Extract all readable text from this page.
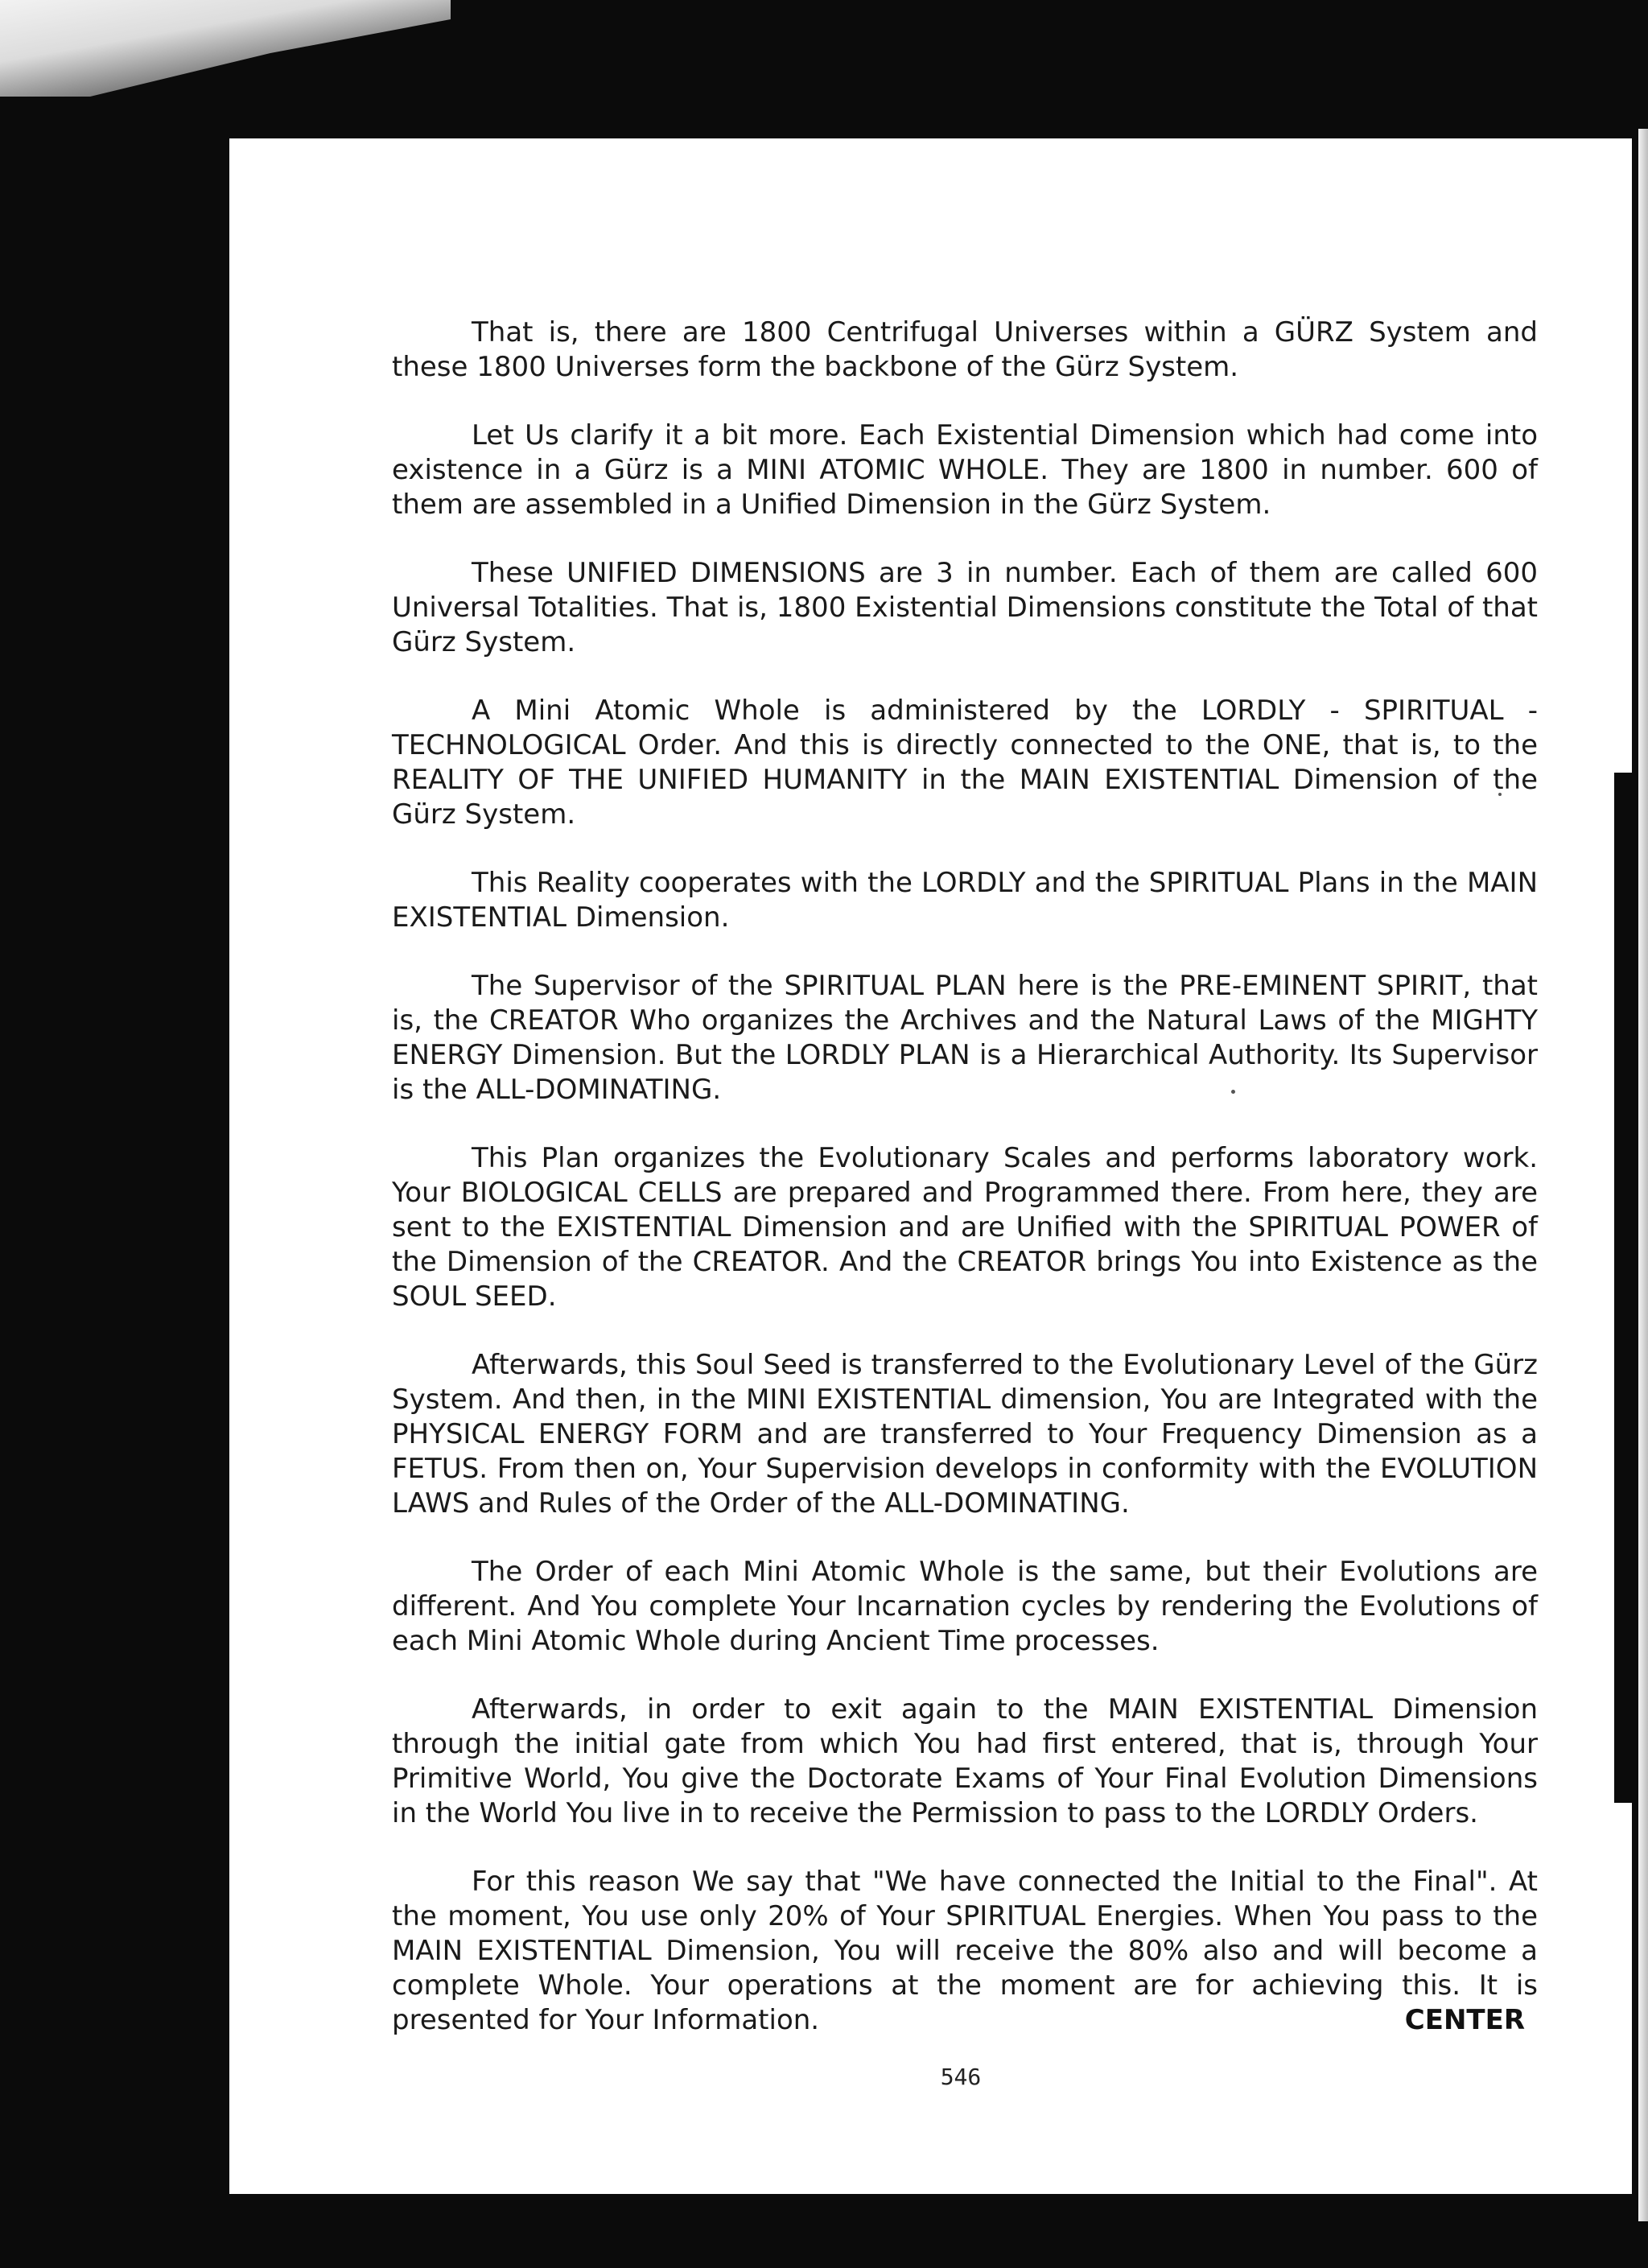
That is, there are 1800 Centrifugal Universes within a GÜRZ System and these 1800 Universes form the backbone of the Gürz System.

Let Us clarify it a bit more. Each Existential Dimension which had come into existence in a Gürz is a MINI ATOMIC WHOLE. They are 1800 in number. 600 of them are assembled in a Unified Dimension in the Gürz System.

These UNIFIED DIMENSIONS are 3 in number. Each of them are called 600 Universal Totalities. That is, 1800 Existential Dimensions constitute the Total of that Gürz System.

A Mini Atomic Whole is administered by the LORDLY - SPIRITUAL - TECHNOLOGICAL Order. And this is directly connected to the ONE, that is, to the REALITY OF THE UNIFIED HUMANITY in the MAIN EXISTENTIAL Dimension of the Gürz System.

This Reality cooperates with the LORDLY and the SPIRITUAL Plans in the MAIN EXISTENTIAL Dimension.

The Supervisor of the SPIRITUAL PLAN here is the PRE-EMINENT SPIRIT, that is, the CREATOR Who organizes the Archives and the Natural Laws of the MIGHTY ENERGY Dimension. But the LORDLY PLAN is a Hierarchical Authority. Its Supervisor is the ALL-DOMINATING.

This Plan organizes the Evolutionary Scales and performs laboratory work. Your BIOLOGICAL CELLS are prepared and Programmed there. From here, they are sent to the EXISTENTIAL Dimension and are Unified with the SPIRITUAL POWER of the Dimension of the CREATOR. And the CREATOR brings You into Existence as the SOUL SEED.

Afterwards, this Soul Seed is transferred to the Evolutionary Level of the Gürz System. And then, in the MINI EXISTENTIAL dimension, You are Integrated with the PHYSICAL ENERGY FORM and are transferred to Your Frequency Dimension as a FETUS. From then on, Your Supervision develops in conformity with the EVOLUTION LAWS and Rules of the Order of the ALL-DOMINATING.

The Order of each Mini Atomic Whole is the same, but their Evolutions are different. And You complete Your Incarnation cycles by rendering the Evolutions of each Mini Atomic Whole during Ancient Time processes.

Afterwards, in order to exit again to the MAIN EXISTENTIAL Dimension through the initial gate from which You had first entered, that is, through Your Primitive World, You give the Doctorate Exams of Your Final Evolution Dimensions in the World You live in to receive the Permission to pass to the LORDLY Orders.

For this reason We say that "We have connected the Initial to the Final". At the moment, You use only 20% of Your SPIRITUAL Energies. When You pass to the MAIN EXISTENTIAL Dimension, You will receive the 80% also and will become a complete Whole. Your operations at the moment are for achieving this. It is presented for Your Information.	CENTER
546
